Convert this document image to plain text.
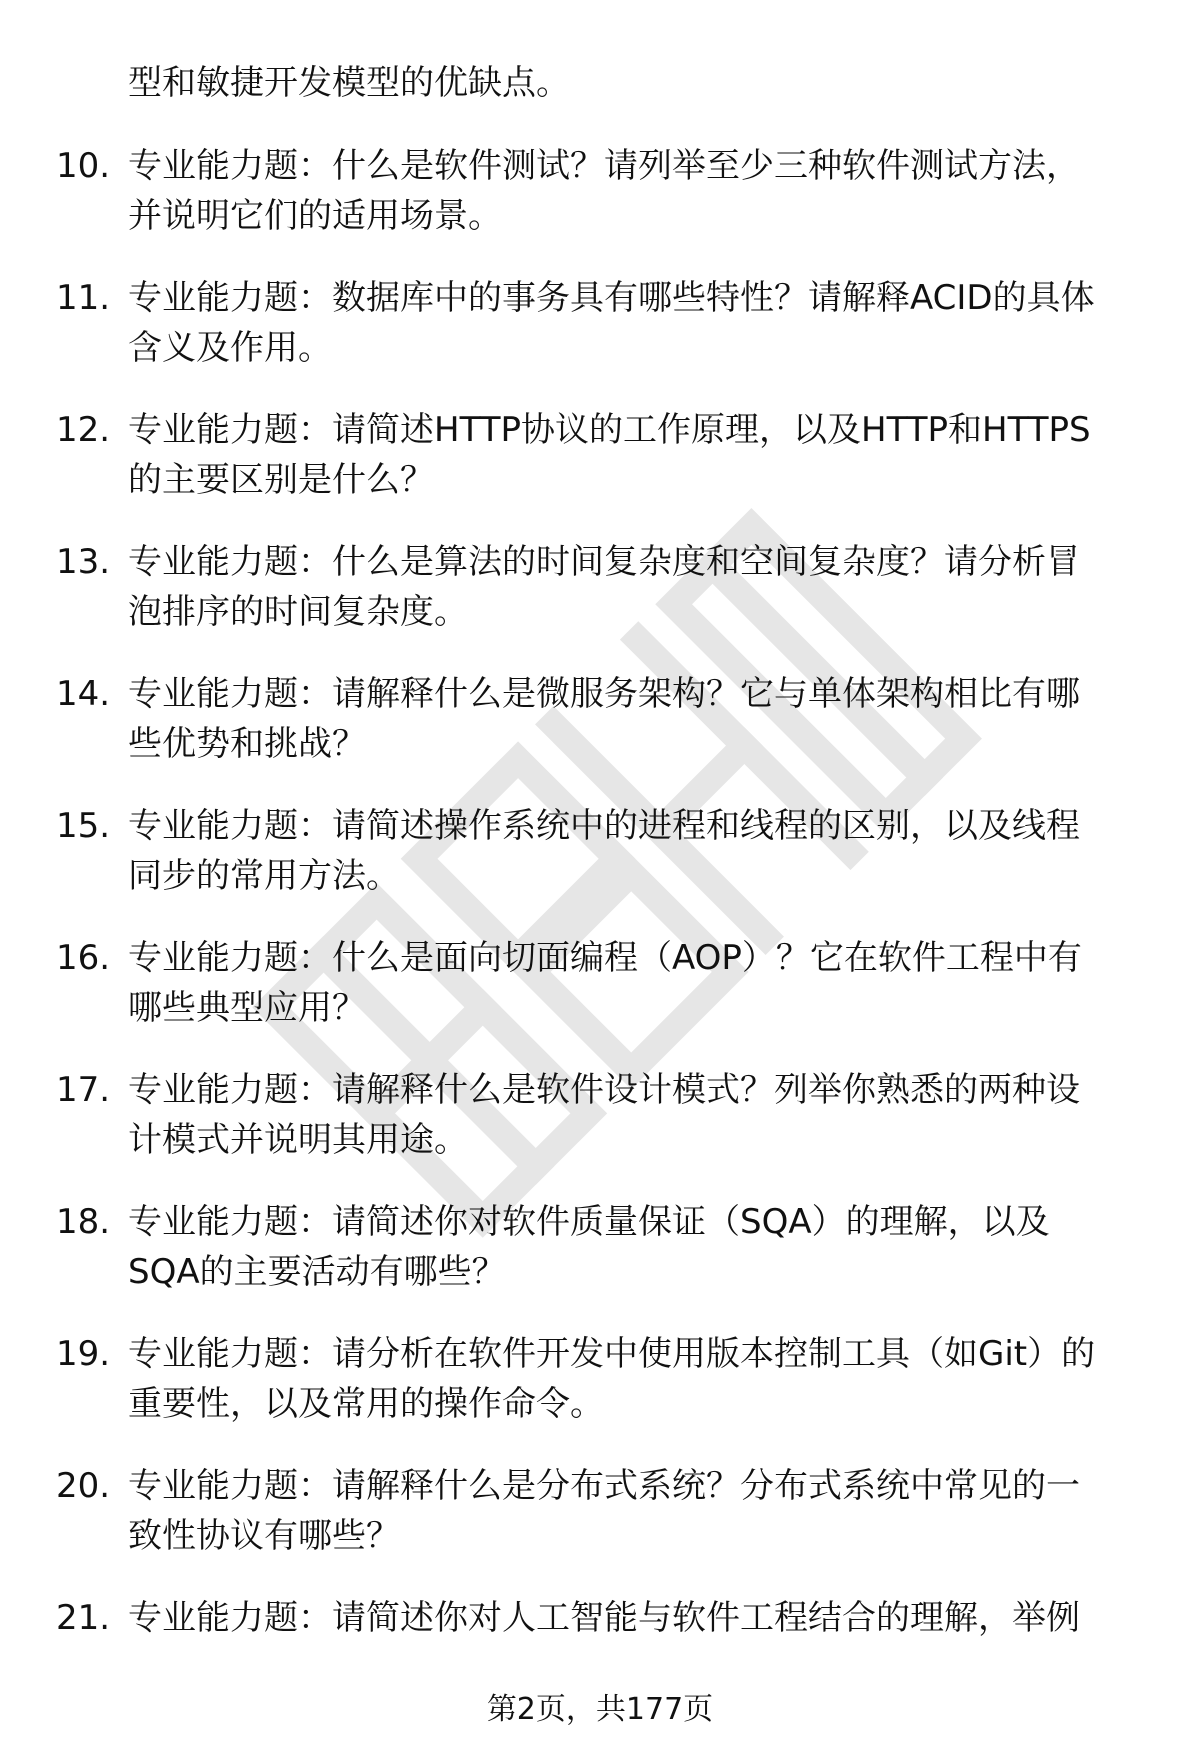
型和敏捷开发模型的优缺点。
10. 专业能力题：什么是软件测试？请列举至少三种软件测试方法，
并说明它们的适用场景。
11. 专业能力题：数据库中的事务具有哪些特性？请解释ACID的具体
含义及作用。
12. 专业能力题：请简述HTTP协议的工作原理，以及HTTP和HTTPS
的主要区别是什么？
13. 专业能力题：什么是算法的时间复杂度和空间复杂度？请分析冒
泡排序的时间复杂度。
14. 专业能力题：请解释什么是微服务架构？它与单体架构相比有哪
些优势和挑战？
15. 专业能力题：请简述操作系统中的进程和线程的区别，以及线程
同步的常用方法。
16. 专业能力题：什么是面向切面编程（AOP）？它在软件工程中有
哪些典型应用？
17. 专业能力题：请解释什么是软件设计模式？列举你熟悉的两种设
计模式并说明其用途。
18. 专业能力题：请简述你对软件质量保证（SQA）的理解，以及
SQA的主要活动有哪些？
19. 专业能力题：请分析在软件开发中使用版本控制工具（如Git）的
重要性，以及常用的操作命令。
20. 专业能力题：请解释什么是分布式系统？分布式系统中常见的一
致性协议有哪些？
21. 专业能力题：请简述你对人工智能与软件工程结合的理解，举例
第2页，共177页
